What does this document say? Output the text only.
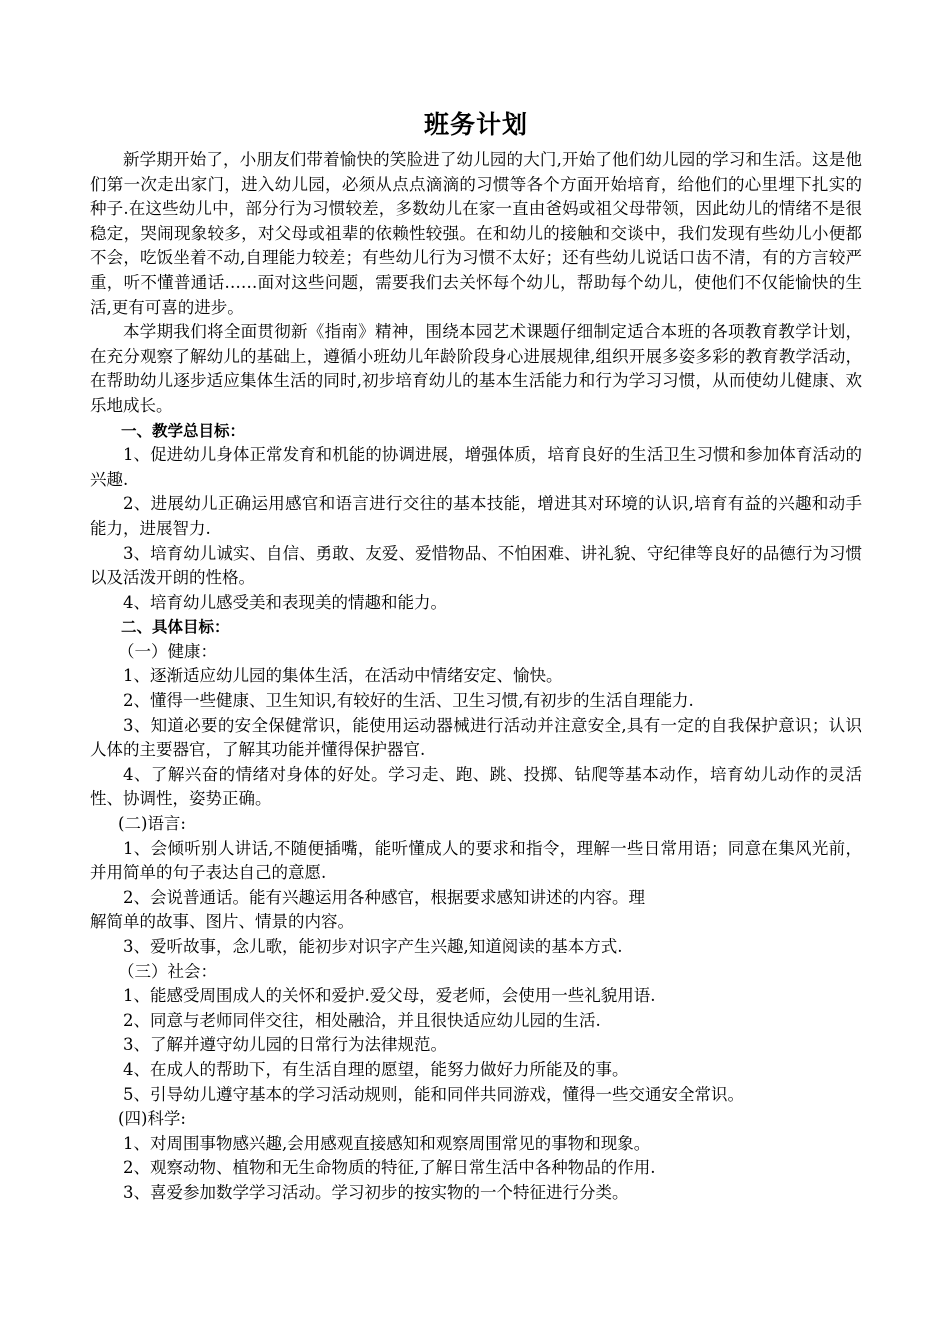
班务计划

新学期开始了，小朋友们带着愉快的笑脸进了幼儿园的大门,开始了他们幼儿园的学习和生活。这是他们第一次走出家门，进入幼儿园，必须从点点滴滴的习惯等各个方面开始培育，给他们的心里埋下扎实的种子.在这些幼儿中，部分行为习惯较差，多数幼儿在家一直由爸妈或祖父母带领，因此幼儿的情绪不是很稳定，哭闹现象较多，对父母或祖辈的依赖性较强。在和幼儿的接触和交谈中，我们发现有些幼儿小便都不会，吃饭坐着不动,自理能力较差；有些幼儿行为习惯不太好；还有些幼儿说话口齿不清，有的方言较严重，听不懂普通话……面对这些问题，需要我们去关怀每个幼儿，帮助每个幼儿，使他们不仅能愉快的生活,更有可喜的进步。

本学期我们将全面贯彻新《指南》精神，围绕本园艺术课题仔细制定适合本班的各项教育教学计划，在充分观察了解幼儿的基础上，遵循小班幼儿年龄阶段身心进展规律,组织开展多姿多彩的教育教学活动，在帮助幼儿逐步适应集体生活的同时,初步培育幼儿的基本生活能力和行为学习习惯，从而使幼儿健康、欢乐地成长。

一、教学总目标：

1、促进幼儿身体正常发育和机能的协调进展，增强体质，培育良好的生活卫生习惯和参加体育活动的兴趣.

2、进展幼儿正确运用感官和语言进行交往的基本技能，增进其对环境的认识,培育有益的兴趣和动手能力，进展智力.

3、培育幼儿诚实、自信、勇敢、友爱、爱惜物品、不怕困难、讲礼貌、守纪律等良好的品德行为习惯以及活泼开朗的性格。

4、培育幼儿感受美和表现美的情趣和能力。

二、具体目标：

（一）健康：

1、逐渐适应幼儿园的集体生活，在活动中情绪安定、愉快。

2、懂得一些健康、卫生知识,有较好的生活、卫生习惯,有初步的生活自理能力.

3、知道必要的安全保健常识，能使用运动器械进行活动并注意安全,具有一定的自我保护意识；认识人体的主要器官，了解其功能并懂得保护器官.

4、了解兴奋的情绪对身体的好处。学习走、跑、跳、投掷、钻爬等基本动作，培育幼儿动作的灵活性、协调性，姿势正确。

(二)语言:

1、会倾听别人讲话,不随便插嘴，能听懂成人的要求和指令，理解一些日常用语；同意在集风光前，并用简单的句子表达自己的意愿.

2、会说普通话。能有兴趣运用各种感官，根据要求感知讲述的内容。理

解简单的故事、图片、情景的内容。

3、爱听故事，念儿歌，能初步对识字产生兴趣,知道阅读的基本方式.

（三）社会：

1、能感受周围成人的关怀和爱护.爱父母，爱老师，会使用一些礼貌用语.

2、同意与老师同伴交往，相处融洽，并且很快适应幼儿园的生活.

3、了解并遵守幼儿园的日常行为法律规范。

4、在成人的帮助下，有生活自理的愿望，能努力做好力所能及的事。

5、引导幼儿遵守基本的学习活动规则，能和同伴共同游戏，懂得一些交通安全常识。

(四)科学:

1、对周围事物感兴趣,会用感观直接感知和观察周围常见的事物和现象。

2、观察动物、植物和无生命物质的特征,了解日常生活中各种物品的作用.

3、喜爱参加数学学习活动。学习初步的按实物的一个特征进行分类。
